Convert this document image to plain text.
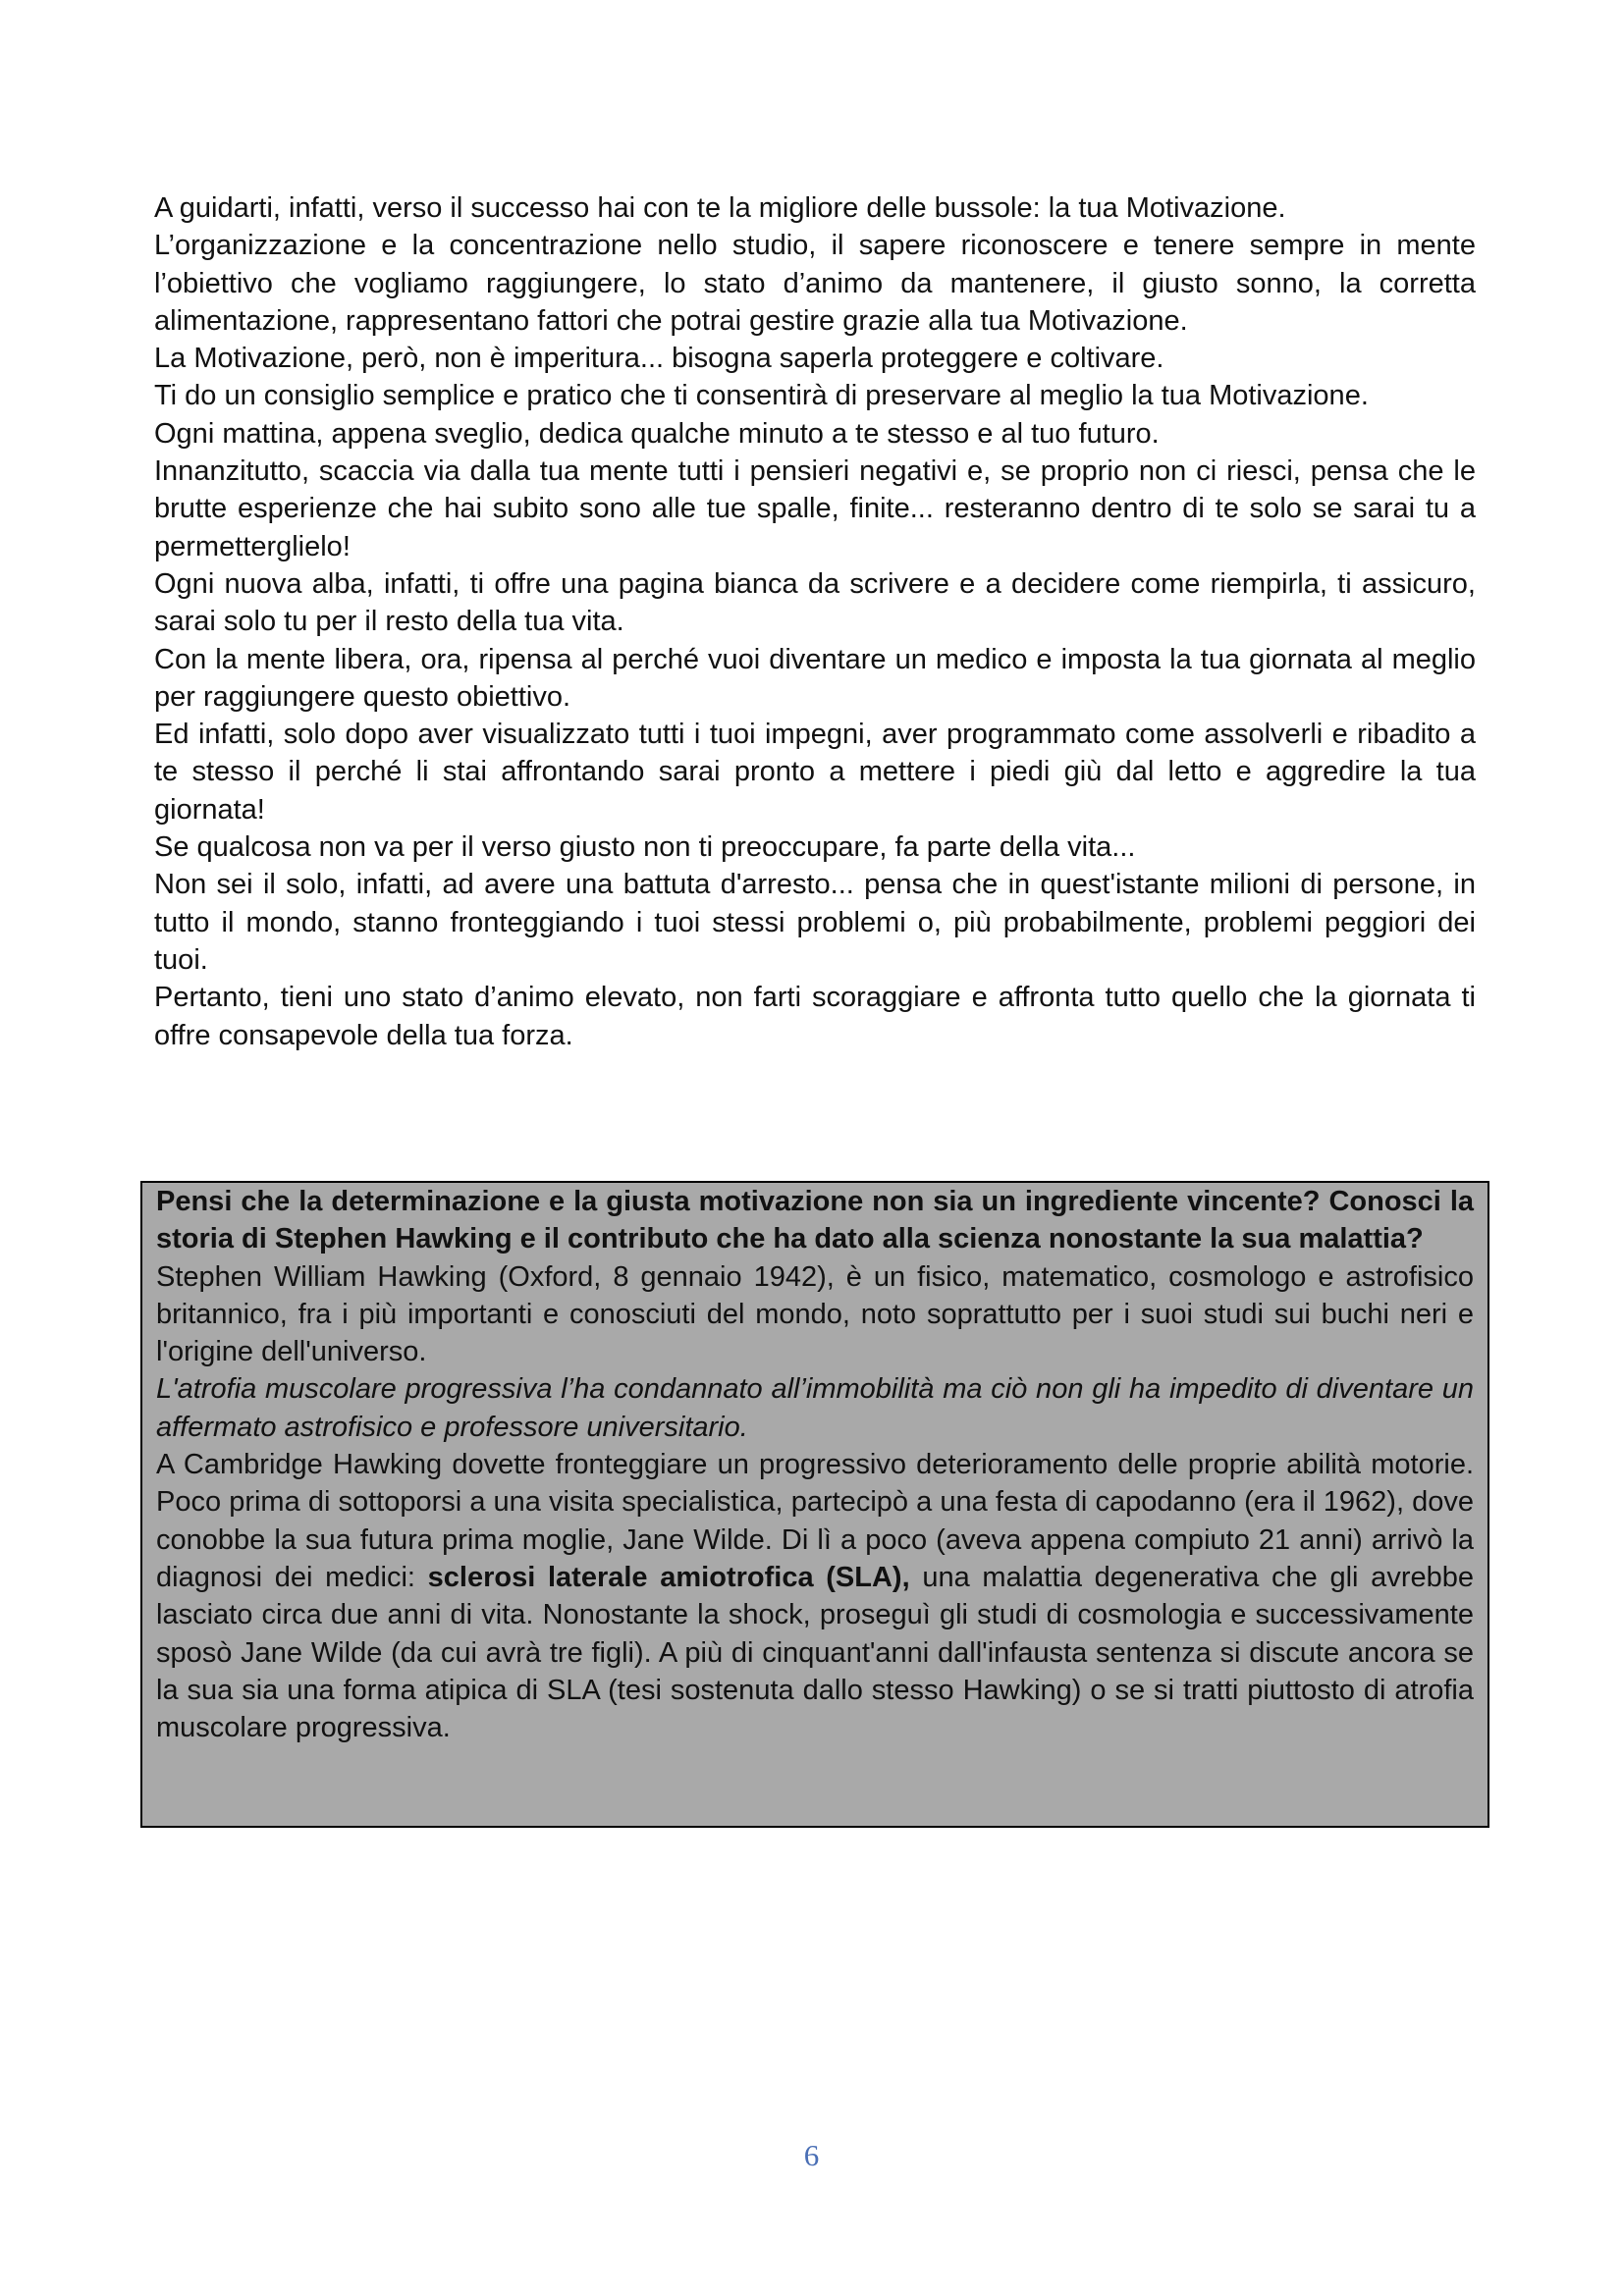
A guidarti, infatti, verso il successo hai con te la migliore delle bussole: la tua Motivazione.

L’organizzazione e la concentrazione nello studio, il sapere riconoscere e tenere sempre in mente l’obiettivo che vogliamo raggiungere, lo stato d’animo da mantenere, il giusto sonno, la corretta alimentazione, rappresentano fattori che potrai gestire grazie alla tua Motivazione.

La Motivazione, però, non è imperitura... bisogna saperla proteggere e coltivare.

Ti do un consiglio semplice e pratico che ti consentirà di preservare al meglio la tua Motivazione.

Ogni mattina, appena sveglio, dedica qualche minuto a te stesso e al tuo futuro.

Innanzitutto, scaccia via dalla tua mente tutti i pensieri negativi e, se proprio non ci riesci, pensa che le brutte esperienze che hai subito sono alle tue spalle, finite... resteranno dentro di te solo se sarai tu a permetterglielo!

Ogni nuova alba, infatti, ti offre una pagina bianca da scrivere e a decidere come riempirla, ti assicuro, sarai solo tu per il resto della tua vita.

Con la mente libera, ora, ripensa al perché vuoi diventare un medico e imposta la tua giornata al meglio per raggiungere questo obiettivo.

Ed infatti, solo dopo aver visualizzato tutti i tuoi impegni, aver programmato come assolverli e ribadito a te stesso il perché li stai affrontando sarai pronto a mettere i piedi giù dal letto e aggredire la tua giornata!

Se qualcosa non va per il verso giusto non ti preoccupare, fa parte della vita...

Non sei il solo, infatti, ad avere una battuta d'arresto... pensa che in quest'istante milioni di persone, in tutto il mondo, stanno fronteggiando i tuoi stessi problemi o, più probabilmente, problemi peggiori dei tuoi.

Pertanto, tieni uno stato d’animo elevato, non farti scoraggiare e affronta tutto quello che la giornata ti offre consapevole della tua forza.

Pensi che la determinazione e la giusta motivazione non sia un ingrediente vincente? Conosci la storia di Stephen Hawking e il contributo che ha dato alla scienza nonostante la sua malattia?

Stephen William Hawking (Oxford, 8 gennaio 1942), è un fisico, matematico, cosmologo e astrofisico britannico, fra i più importanti e conosciuti del mondo, noto soprattutto per i suoi studi sui buchi neri e l'origine dell'universo.

L'atrofia muscolare progressiva l’ha condannato all’immobilità ma ciò non gli ha impedito di diventare un affermato astrofisico e professore universitario.

A Cambridge Hawking dovette fronteggiare un progressivo deterioramento delle proprie abilità motorie. Poco prima di sottoporsi a una visita specialistica, partecipò a una festa di capodanno (era il 1962), dove conobbe la sua futura prima moglie, Jane Wilde. Di lì a poco (aveva appena compiuto 21 anni) arrivò la diagnosi dei medici: sclerosi laterale amiotrofica (SLA), una malattia degenerativa che gli avrebbe lasciato circa due anni di vita. Nonostante la shock, proseguì gli studi di cosmologia e successivamente sposò Jane Wilde (da cui avrà tre figli). A più di cinquant'anni dall'infausta sentenza si discute ancora se la sua sia una forma atipica di SLA (tesi sostenuta dallo stesso Hawking) o se si tratti piuttosto di atrofia muscolare progressiva.

6
